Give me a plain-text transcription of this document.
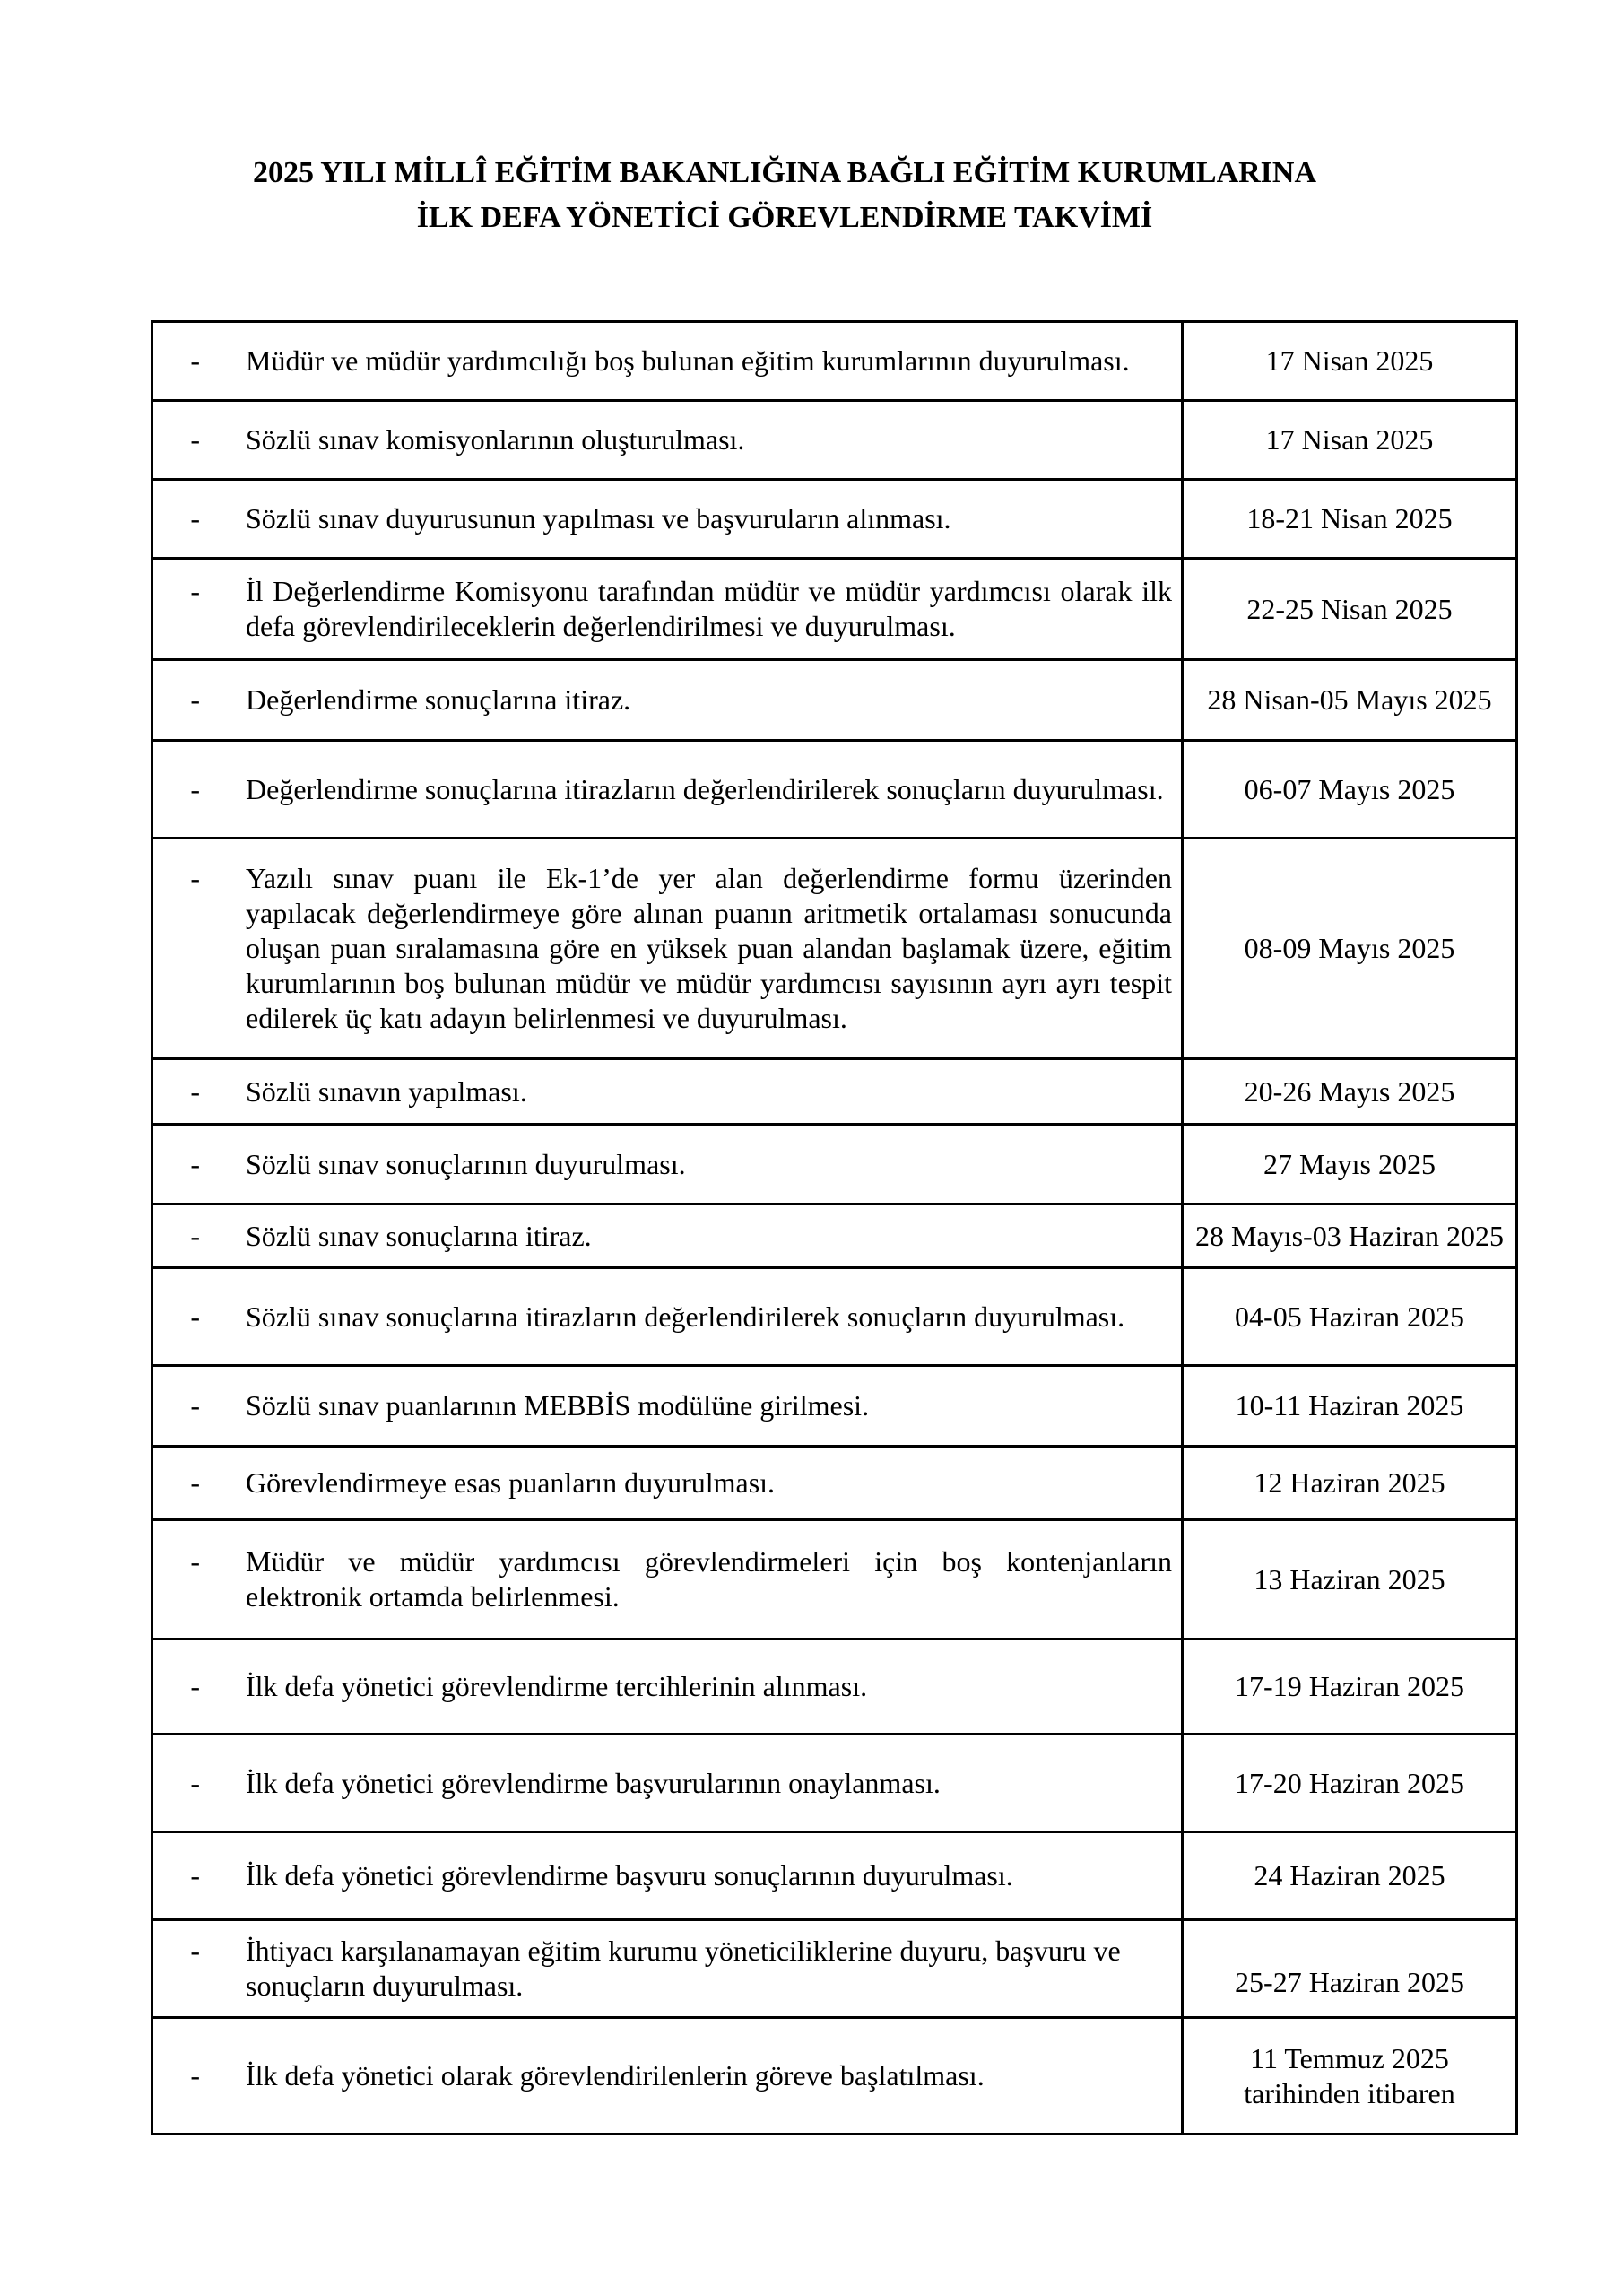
2025 YILI MİLLÎ EĞİTİM BAKANLIĞINA BAĞLI EĞİTİM KURUMLARINA
İLK DEFA YÖNETİCİ GÖREVLENDİRME TAKVİMİ
- Müdür ve müdür yardımcılığı boş bulunan eğitim kurumlarının duyurulması.	17 Nisan 2025

- Sözlü sınav komisyonlarının oluşturulması.	17 Nisan 2025

- Sözlü sınav duyurusunun yapılması ve başvuruların alınması.	18-21 Nisan 2025

- İl Değerlendirme Komisyonu tarafından müdür ve müdür yardımcısı olarak ilk defa görevlendirileceklerin değerlendirilmesi ve duyurulması.	22-25 Nisan 2025

- Değerlendirme sonuçlarına itiraz.	28 Nisan-05 Mayıs 2025

- Değerlendirme sonuçlarına itirazların değerlendirilerek sonuçların duyurulması.	06-07 Mayıs 2025

- Yazılı sınav puanı ile Ek-1’de yer alan değerlendirme formu üzerinden yapılacak değerlendirmeye göre alınan puanın aritmetik ortalaması sonucunda oluşan puan sıralamasına göre en yüksek puan alandan başlamak üzere, eğitim kurumlarının boş bulunan müdür ve müdür yardımcısı sayısının ayrı ayrı tespit edilerek üç katı adayın belirlenmesi ve duyurulması.	08-09 Mayıs 2025

- Sözlü sınavın yapılması.	20-26 Mayıs 2025

- Sözlü sınav sonuçlarının duyurulması.	27 Mayıs 2025

- Sözlü sınav sonuçlarına itiraz.	28 Mayıs-03 Haziran 2025

- Sözlü sınav sonuçlarına itirazların değerlendirilerek sonuçların duyurulması.	04-05 Haziran 2025

- Sözlü sınav puanlarının MEBBİS modülüne girilmesi.	10-11 Haziran 2025

- Görevlendirmeye esas puanların duyurulması.	12 Haziran 2025

- Müdür ve müdür yardımcısı görevlendirmeleri için boş kontenjanların elektronik ortamda belirlenmesi.	13 Haziran 2025

- İlk defa yönetici görevlendirme tercihlerinin alınması.	17-19 Haziran 2025

- İlk defa yönetici görevlendirme başvurularının onaylanması.	17-20 Haziran 2025

- İlk defa yönetici görevlendirme başvuru sonuçlarının duyurulması.	24 Haziran 2025

- İhtiyacı karşılanamayan eğitim kurumu yöneticiliklerine duyuru, başvuru ve sonuçların duyurulması.	25-27 Haziran 2025

- İlk defa yönetici olarak görevlendirilenlerin göreve başlatılması.	11 Temmuz 2025
tarihinden itibaren
